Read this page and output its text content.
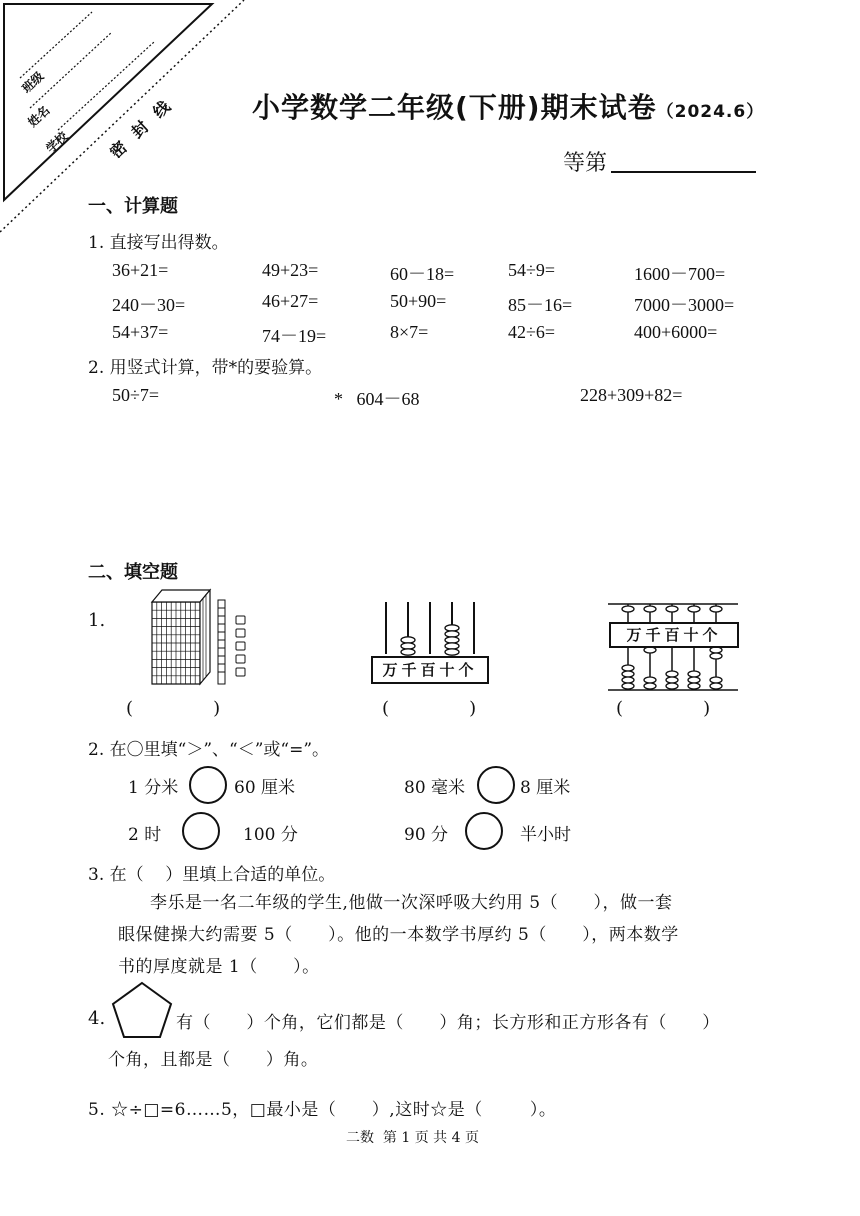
班级
姓名
学校 密 封 线	小学数学二年级(下册)期末试卷（2024.6）
等第
一、计算题
1. 直接写出得数。
36+21=	49+23=	60－18=	54÷9=	1600－700=
240－30=	46+27=	50+90=	85－16=	7000－3000=
54+37=	74－19=	8×7=	42÷6=	400+6000=
2. 用竖式计算，带*的要验算。
50÷7=	*   604－68	228+309+82=
二、填空题
1.
万千百十个
万千百十个
(              )	(              )	(              )
2. 在〇里填“＞”、“＜”或“=”。
1 分米	60 厘米	80 毫米	8 厘米
2 时	100 分	90 分	半小时
3. 在（    ）里填上合适的单位。
李乐是一名二年级的学生,他做一次深呼吸大约用 5（      ），做一套
眼保健操大约需要 5（      ）。他的一本数学书厚约 5（      ），两本数学
书的厚度就是 1（      ）。
4.	有（      ）个角，它们都是（      ）角；长方形和正方形各有（      ）
个角，且都是（      ）角。
5. ☆÷□=6……5，□最小是（      ）,这时☆是（        ）。
二数  第 1 页 共 4 页
